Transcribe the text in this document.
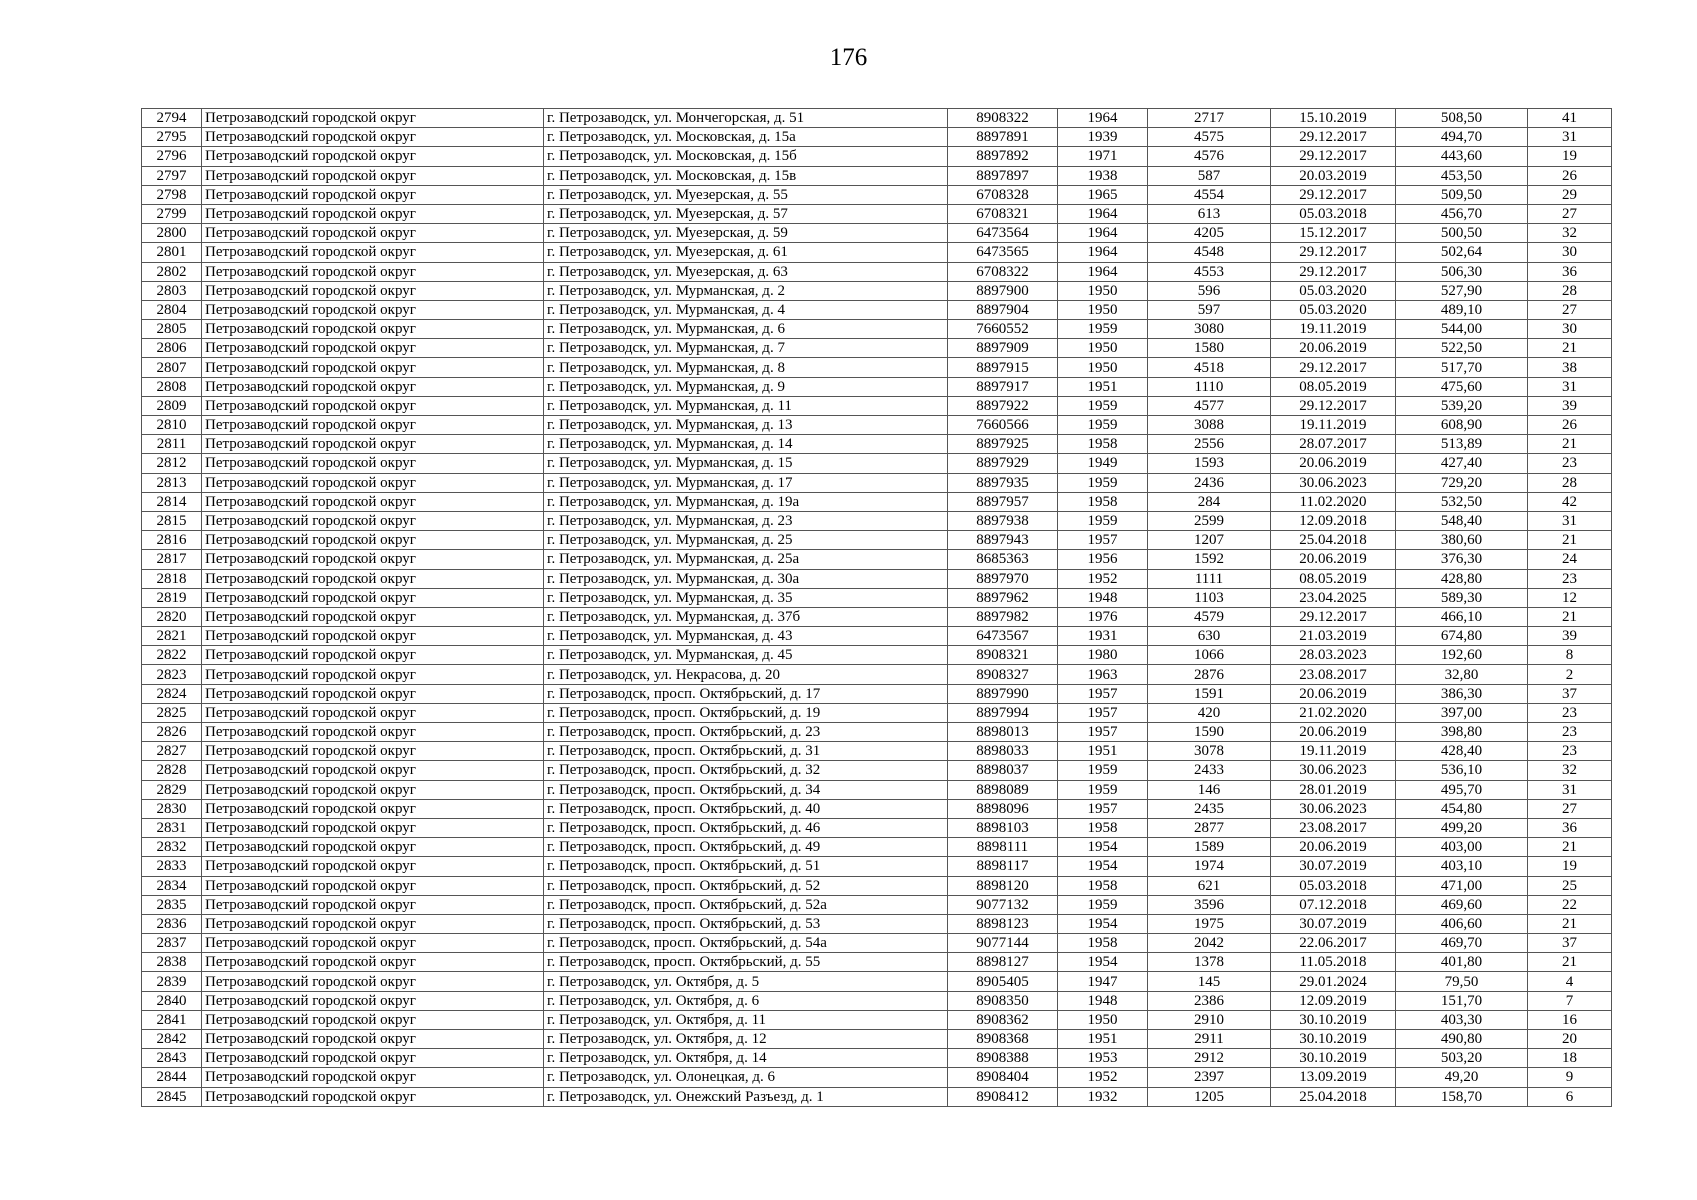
176
2794	Петрозаводский городской округ	г. Петрозаводск, ул. Мончегорская, д. 51	8908322	1964	2717	15.10.2019	508,50	41
2795	Петрозаводский городской округ	г. Петрозаводск, ул. Московская, д. 15а	8897891	1939	4575	29.12.2017	494,70	31
2796	Петрозаводский городской округ	г. Петрозаводск, ул. Московская, д. 15б	8897892	1971	4576	29.12.2017	443,60	19
2797	Петрозаводский городской округ	г. Петрозаводск, ул. Московская, д. 15в	8897897	1938	587	20.03.2019	453,50	26
2798	Петрозаводский городской округ	г. Петрозаводск, ул. Муезерская, д. 55	6708328	1965	4554	29.12.2017	509,50	29
2799	Петрозаводский городской округ	г. Петрозаводск, ул. Муезерская, д. 57	6708321	1964	613	05.03.2018	456,70	27
2800	Петрозаводский городской округ	г. Петрозаводск, ул. Муезерская, д. 59	6473564	1964	4205	15.12.2017	500,50	32
2801	Петрозаводский городской округ	г. Петрозаводск, ул. Муезерская, д. 61	6473565	1964	4548	29.12.2017	502,64	30
2802	Петрозаводский городской округ	г. Петрозаводск, ул. Муезерская, д. 63	6708322	1964	4553	29.12.2017	506,30	36
2803	Петрозаводский городской округ	г. Петрозаводск, ул. Мурманская, д. 2	8897900	1950	596	05.03.2020	527,90	28
2804	Петрозаводский городской округ	г. Петрозаводск, ул. Мурманская, д. 4	8897904	1950	597	05.03.2020	489,10	27
2805	Петрозаводский городской округ	г. Петрозаводск, ул. Мурманская, д. 6	7660552	1959	3080	19.11.2019	544,00	30
2806	Петрозаводский городской округ	г. Петрозаводск, ул. Мурманская, д. 7	8897909	1950	1580	20.06.2019	522,50	21
2807	Петрозаводский городской округ	г. Петрозаводск, ул. Мурманская, д. 8	8897915	1950	4518	29.12.2017	517,70	38
2808	Петрозаводский городской округ	г. Петрозаводск, ул. Мурманская, д. 9	8897917	1951	1110	08.05.2019	475,60	31
2809	Петрозаводский городской округ	г. Петрозаводск, ул. Мурманская, д. 11	8897922	1959	4577	29.12.2017	539,20	39
2810	Петрозаводский городской округ	г. Петрозаводск, ул. Мурманская, д. 13	7660566	1959	3088	19.11.2019	608,90	26
2811	Петрозаводский городской округ	г. Петрозаводск, ул. Мурманская, д. 14	8897925	1958	2556	28.07.2017	513,89	21
2812	Петрозаводский городской округ	г. Петрозаводск, ул. Мурманская, д. 15	8897929	1949	1593	20.06.2019	427,40	23
2813	Петрозаводский городской округ	г. Петрозаводск, ул. Мурманская, д. 17	8897935	1959	2436	30.06.2023	729,20	28
2814	Петрозаводский городской округ	г. Петрозаводск, ул. Мурманская, д. 19а	8897957	1958	284	11.02.2020	532,50	42
2815	Петрозаводский городской округ	г. Петрозаводск, ул. Мурманская, д. 23	8897938	1959	2599	12.09.2018	548,40	31
2816	Петрозаводский городской округ	г. Петрозаводск, ул. Мурманская, д. 25	8897943	1957	1207	25.04.2018	380,60	21
2817	Петрозаводский городской округ	г. Петрозаводск, ул. Мурманская, д. 25а	8685363	1956	1592	20.06.2019	376,30	24
2818	Петрозаводский городской округ	г. Петрозаводск, ул. Мурманская, д. 30а	8897970	1952	1111	08.05.2019	428,80	23
2819	Петрозаводский городской округ	г. Петрозаводск, ул. Мурманская, д. 35	8897962	1948	1103	23.04.2025	589,30	12
2820	Петрозаводский городской округ	г. Петрозаводск, ул. Мурманская, д. 37б	8897982	1976	4579	29.12.2017	466,10	21
2821	Петрозаводский городской округ	г. Петрозаводск, ул. Мурманская, д. 43	6473567	1931	630	21.03.2019	674,80	39
2822	Петрозаводский городской округ	г. Петрозаводск, ул. Мурманская, д. 45	8908321	1980	1066	28.03.2023	192,60	8
2823	Петрозаводский городской округ	г. Петрозаводск, ул. Некрасова, д. 20	8908327	1963	2876	23.08.2017	32,80	2
2824	Петрозаводский городской округ	г. Петрозаводск, просп. Октябрьский, д. 17	8897990	1957	1591	20.06.2019	386,30	37
2825	Петрозаводский городской округ	г. Петрозаводск, просп. Октябрьский, д. 19	8897994	1957	420	21.02.2020	397,00	23
2826	Петрозаводский городской округ	г. Петрозаводск, просп. Октябрьский, д. 23	8898013	1957	1590	20.06.2019	398,80	23
2827	Петрозаводский городской округ	г. Петрозаводск, просп. Октябрьский, д. 31	8898033	1951	3078	19.11.2019	428,40	23
2828	Петрозаводский городской округ	г. Петрозаводск, просп. Октябрьский, д. 32	8898037	1959	2433	30.06.2023	536,10	32
2829	Петрозаводский городской округ	г. Петрозаводск, просп. Октябрьский, д. 34	8898089	1959	146	28.01.2019	495,70	31
2830	Петрозаводский городской округ	г. Петрозаводск, просп. Октябрьский, д. 40	8898096	1957	2435	30.06.2023	454,80	27
2831	Петрозаводский городской округ	г. Петрозаводск, просп. Октябрьский, д. 46	8898103	1958	2877	23.08.2017	499,20	36
2832	Петрозаводский городской округ	г. Петрозаводск, просп. Октябрьский, д. 49	8898111	1954	1589	20.06.2019	403,00	21
2833	Петрозаводский городской округ	г. Петрозаводск, просп. Октябрьский, д. 51	8898117	1954	1974	30.07.2019	403,10	19
2834	Петрозаводский городской округ	г. Петрозаводск, просп. Октябрьский, д. 52	8898120	1958	621	05.03.2018	471,00	25
2835	Петрозаводский городской округ	г. Петрозаводск, просп. Октябрьский, д. 52а	9077132	1959	3596	07.12.2018	469,60	22
2836	Петрозаводский городской округ	г. Петрозаводск, просп. Октябрьский, д. 53	8898123	1954	1975	30.07.2019	406,60	21
2837	Петрозаводский городской округ	г. Петрозаводск, просп. Октябрьский, д. 54а	9077144	1958	2042	22.06.2017	469,70	37
2838	Петрозаводский городской округ	г. Петрозаводск, просп. Октябрьский, д. 55	8898127	1954	1378	11.05.2018	401,80	21
2839	Петрозаводский городской округ	г. Петрозаводск, ул. Октября, д. 5	8905405	1947	145	29.01.2024	79,50	4
2840	Петрозаводский городской округ	г. Петрозаводск, ул. Октября, д. 6	8908350	1948	2386	12.09.2019	151,70	7
2841	Петрозаводский городской округ	г. Петрозаводск, ул. Октября, д. 11	8908362	1950	2910	30.10.2019	403,30	16
2842	Петрозаводский городской округ	г. Петрозаводск, ул. Октября, д. 12	8908368	1951	2911	30.10.2019	490,80	20
2843	Петрозаводский городской округ	г. Петрозаводск, ул. Октября, д. 14	8908388	1953	2912	30.10.2019	503,20	18
2844	Петрозаводский городской округ	г. Петрозаводск, ул. Олонецкая, д. 6	8908404	1952	2397	13.09.2019	49,20	9
2845	Петрозаводский городской округ	г. Петрозаводск, ул. Онежский Разъезд, д. 1	8908412	1932	1205	25.04.2018	158,70	6
